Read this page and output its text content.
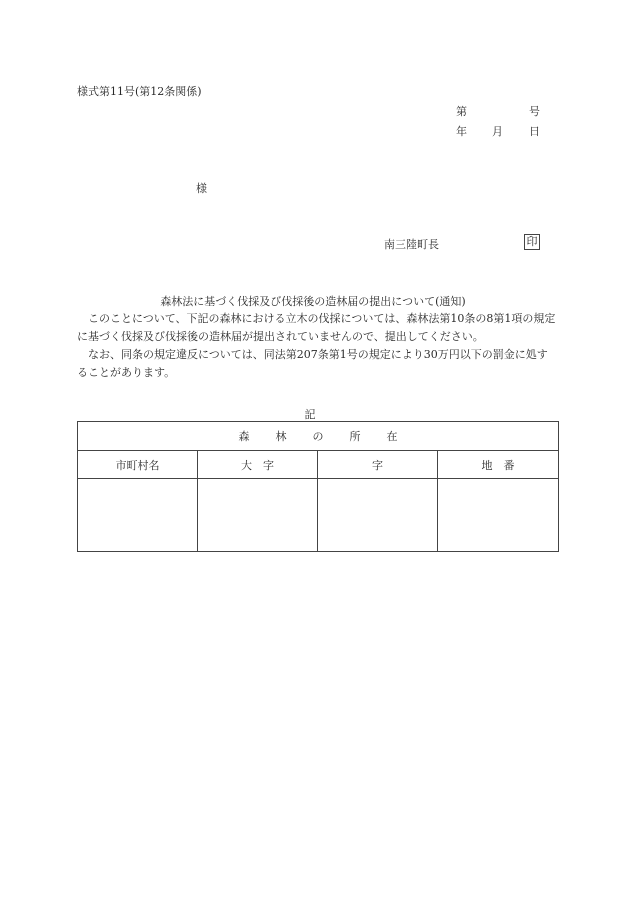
様式第11号(第12条関係)
第	号
年 月 日
様
南三陸町長	印
森林法に基づく伐採及び伐採後の造林届の提出について(通知)

このことについて、下記の森林における立木の伐採については、森林法第10条の8第1項の規定に基づく伐採及び伐採後の造林届が提出されていませんので、提出してください。

なお、同条の規定違反については、同法第207条第1号の規定により30万円以下の罰金に処することがあります。

記
森 林 の 所 在			
市町村名	大　字	字	地　番
